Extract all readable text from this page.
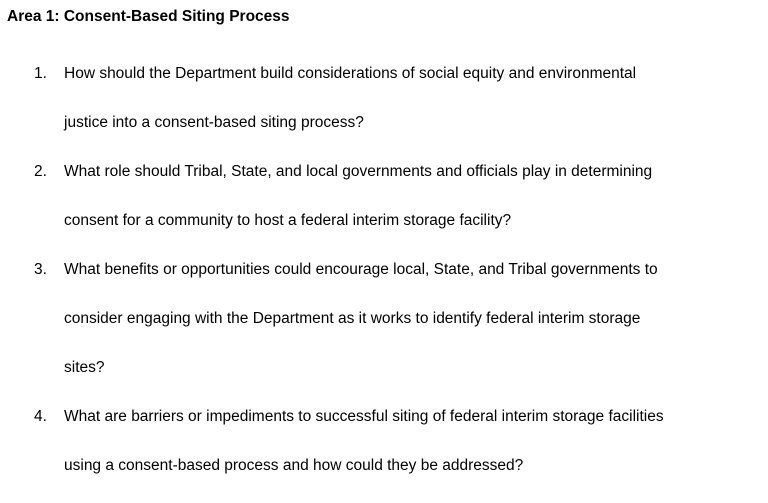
Area 1: Consent-Based Siting Process
1.	How should the Department build considerations of social equity and environmental
justice into a consent-based siting process?
2.	What role should Tribal, State, and local governments and officials play in determining
consent for a community to host a federal interim storage facility?
3.	What benefits or opportunities could encourage local, State, and Tribal governments to
consider engaging with the Department as it works to identify federal interim storage
sites?
4.	What are barriers or impediments to successful siting of federal interim storage facilities
using a consent-based process and how could they be addressed?
